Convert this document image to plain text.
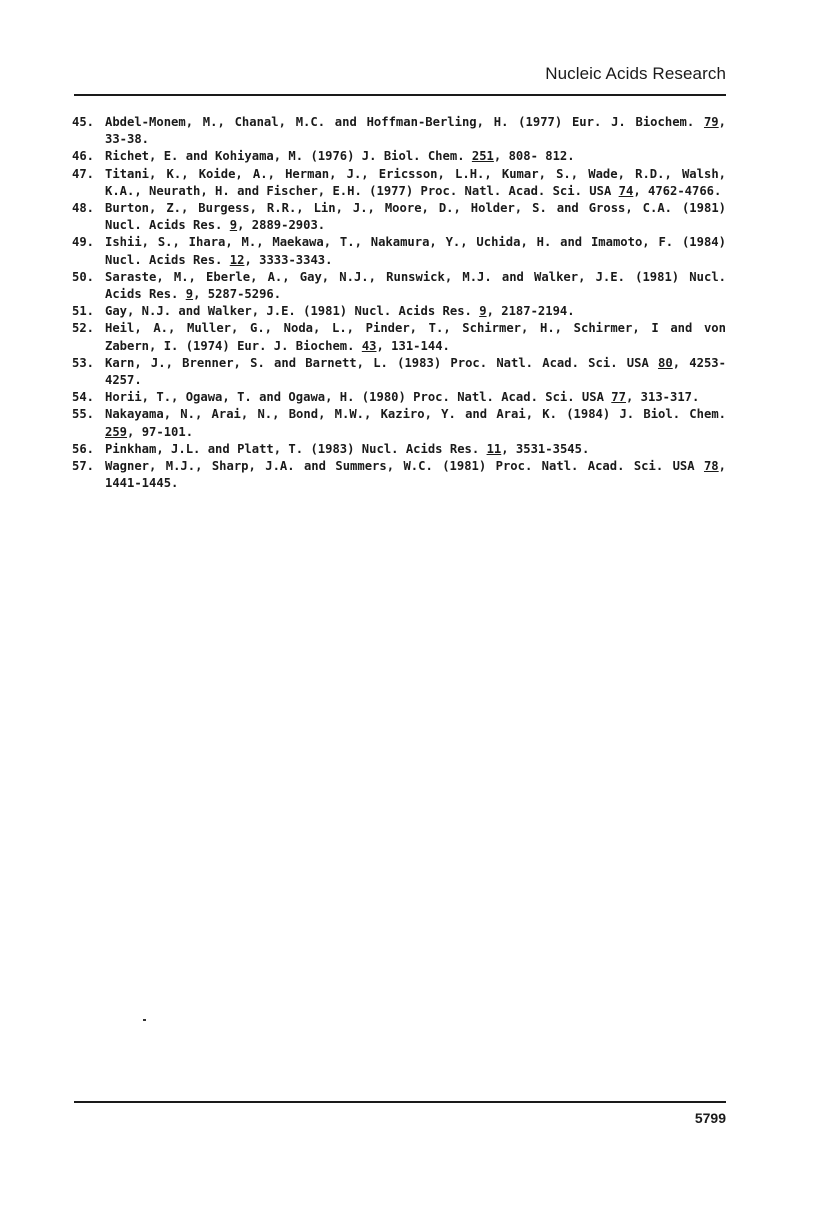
Nucleic Acids Research
45. Abdel-Monem, M., Chanal, M.C. and Hoffman-Berling, H. (1977) Eur. J. Biochem. 79, 33-38.
46. Richet, E. and Kohiyama, M. (1976) J. Biol. Chem. 251, 808- 812.
47. Titani, K., Koide, A., Herman, J., Ericsson, L.H., Kumar, S., Wade, R.D., Walsh, K.A., Neurath, H. and Fischer, E.H. (1977) Proc. Natl. Acad. Sci. USA 74, 4762-4766.
48. Burton, Z., Burgess, R.R., Lin, J., Moore, D., Holder, S. and Gross, C.A. (1981) Nucl. Acids Res. 9, 2889-2903.
49. Ishii, S., Ihara, M., Maekawa, T., Nakamura, Y., Uchida, H. and Imamoto, F. (1984) Nucl. Acids Res. 12, 3333-3343.
50. Saraste, M., Eberle, A., Gay, N.J., Runswick, M.J. and Walker, J.E. (1981) Nucl. Acids Res. 9, 5287-5296.
51. Gay, N.J. and Walker, J.E. (1981) Nucl. Acids Res. 9, 2187-2194.
52. Heil, A., Muller, G., Noda, L., Pinder, T., Schirmer, H., Schirmer, I and von Zabern, I. (1974) Eur. J. Biochem. 43, 131-144.
53. Karn, J., Brenner, S. and Barnett, L. (1983) Proc. Natl. Acad. Sci. USA 80, 4253-4257.
54. Horii, T., Ogawa, T. and Ogawa, H. (1980) Proc. Natl. Acad. Sci. USA 77, 313-317.
55. Nakayama, N., Arai, N., Bond, M.W., Kaziro, Y. and Arai, K. (1984) J. Biol. Chem. 259, 97-101.
56. Pinkham, J.L. and Platt, T. (1983) Nucl. Acids Res. 11, 3531-3545.
57. Wagner, M.J., Sharp, J.A. and Summers, W.C. (1981) Proc. Natl. Acad. Sci. USA 78, 1441-1445.
5799
